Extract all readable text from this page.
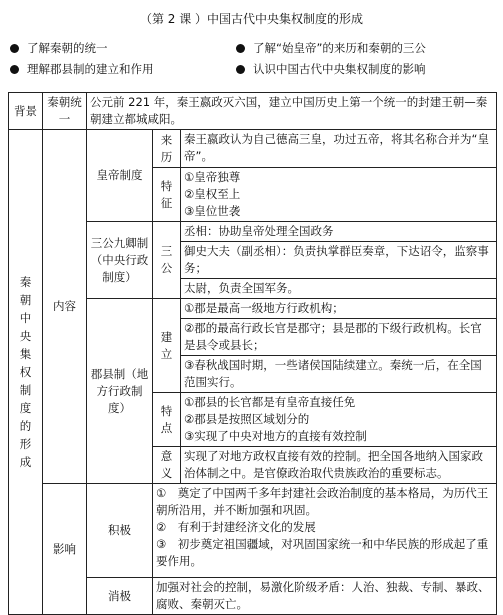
（第 2 课 ）中国古代中央集权制度的形成
了解秦朝的统一	了解“始皇帝”的来历和秦朝的三公
理解郡县制的建立和作用	认识中国古代中央集权制度的影响
背景	秦朝统一	公元前 221 年，秦王嬴政灭六国，建立中国历史上第一个统一的封建王朝—秦朝建立都城咸阳。		
秦朝中央集权制度的形成	内容	皇帝制度	来历	秦王嬴政认为自己德高三皇，功过五帝，将其名称合并为“皇帝”。
			特征	①皇帝独尊
②皇权至上
③皇位世袭

		三公九卿制（中央行政制度）	三公	丞相：协助皇帝处理全国政务
				御史大夫（副丞相）：负责执掌群臣奏章，下达诏令，监察事务；
				太尉，负责全国军务。
		郡县制（地方行政制度）	建立	①郡是最高一级地方行政机构；
				②郡的最高行政长官是郡守；县是郡的下级行政机构。长官是县令或县长；
				③春秋战国时期，一些诸侯国陆续建立。秦统一后，在全国范围实行。
			特点	①郡县的长官都是有皇帝直接任免
②郡县是按照区域划分的
③实现了中央对地方的直接有效控制

			意义	实现了对地方政权直接有效的控制。把全国各地纳入国家政治体制之中。是官僚政治取代贵族政治的重要标志。
	影响	积极	①　奠定了中国两千多年封建社会政治制度的基本格局，为历代王朝所沿用，并不断加强和巩固。
②　有利于封建经济文化的发展
③　初步奠定祖国疆域，对巩固国家统一和中华民族的形成起了重要作用。	

		消极	加强对社会的控制，易激化阶级矛盾：人治、独裁、专制、暴政、腐败、秦朝灭亡。	
